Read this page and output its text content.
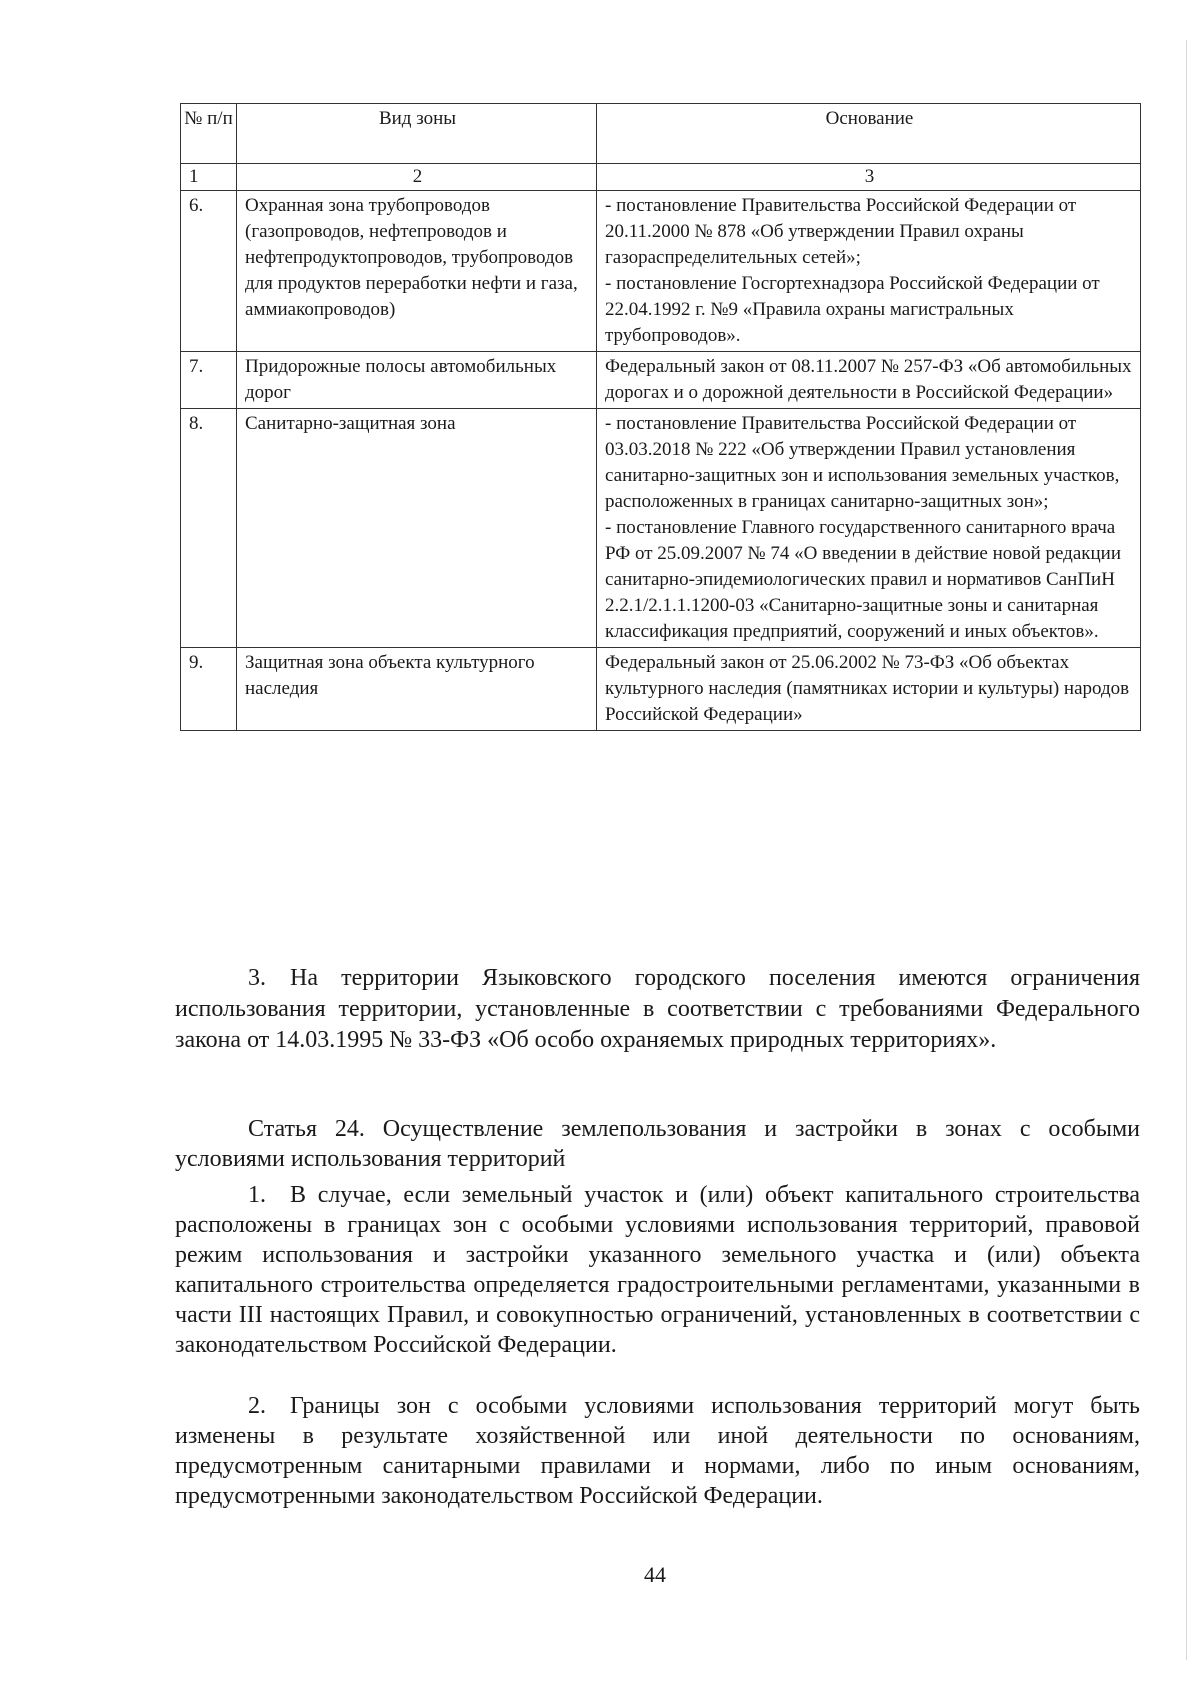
№ п/п	Вид зоны	Основание
1	2	3
6.	Охранная зона трубопроводов (газопроводов, нефтепроводов и нефтепродуктопроводов, трубопроводов для продуктов переработки нефти и газа, аммиакопроводов)	- постановление Правительства Российской Федерации от 20.11.2000 № 878 «Об утверждении Правил охраны газораспределительных сетей»;
- постановление Госгортехнадзора Российской Федерации от 22.04.1992 г. №9 «Правила охраны магистральных трубопроводов».

7.	Придорожные полосы автомобильных дорог	Федеральный закон от 08.11.2007 № 257-ФЗ «Об автомобильных дорогах и о дорожной деятельности в Российской Федерации»

8.	Санитарно-защитная зона	- постановление Правительства Российской Федерации от 03.03.2018 № 222 «Об утверждении Правил установления санитарно-защитных зон и использования земельных участков, расположенных в границах санитарно-защитных зон»;
- постановление Главного государственного санитарного врача РФ от 25.09.2007 № 74 «О введении в действие новой редакции санитарно-эпидемиологических правил и нормативов СанПиН 2.2.1/2.1.1.1200-03 «Санитарно-защитные зоны и санитарная классификация предприятий, сооружений и иных объектов».

9.	Защитная зона объекта культурного наследия	Федеральный закон от 25.06.2002 № 73-ФЗ «Об объектах культурного наследия (памятниках истории и культуры) народов Российской Федерации»
3. На территории Языковского городского поселения имеются ограничения использования территории, установленные в соответствии с требованиями Федерального закона от 14.03.1995 № 33-ФЗ «Об особо охраняемых природных территориях».
Статья 24. Осуществление землепользования и застройки в зонах с особыми условиями использования территорий
1. В случае, если земельный участок и (или) объект капитального строительства расположены в границах зон с особыми условиями использования территорий, правовой режим использования и застройки указанного земельного участка и (или) объекта капитального строительства определяется градостроительными регламентами, указанными в части III настоящих Правил, и совокупностью ограничений, установленных в соответствии с законодательством Российской Федерации.
2. Границы зон с особыми условиями использования территорий могут быть изменены в результате хозяйственной или иной деятельности по основаниям, предусмотренным санитарными правилами и нормами, либо по иным основаниям, предусмотренными законодательством Российской Федерации.
44
